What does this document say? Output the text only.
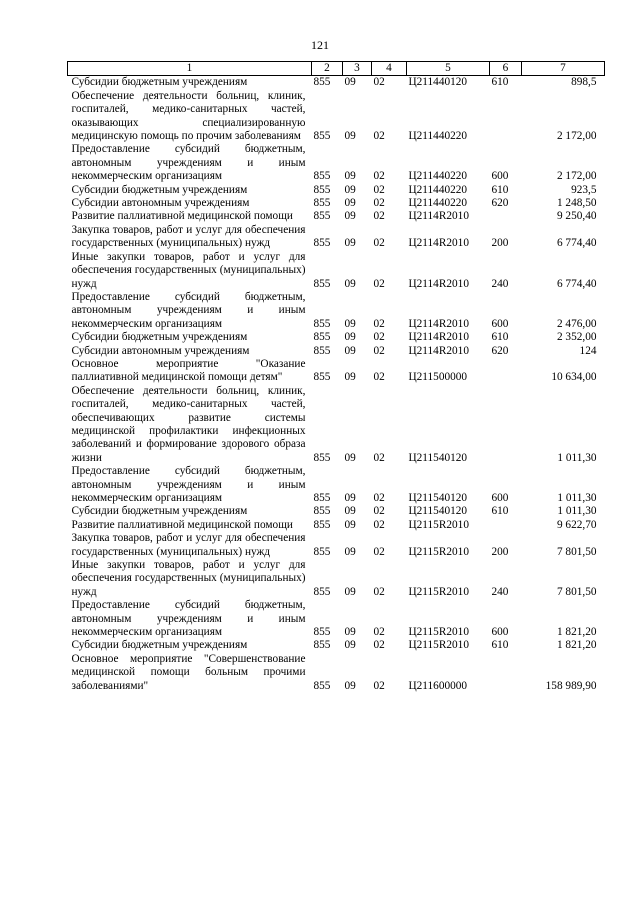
121
1	2	3	4	5	6	7
Субсидии бюджетным учреждениям	855	09	02	Ц211440120	610	898,5
Обеспечение деятельности больниц, клиник, госпиталей, медико-санитарных частей, оказывающих специализированную медицинскую помощь по прочим заболеваниям	855	09	02	Ц211440220		2 172,00
Предоставление субсидий бюджетным, автономным учреждениям и иным некоммерческим организациям	855	09	02	Ц211440220	600	2 172,00
Субсидии бюджетным учреждениям	855	09	02	Ц211440220	610	923,5
Субсидии автономным учреждениям	855	09	02	Ц211440220	620	1 248,50
Развитие паллиативной медицинской помощи	855	09	02	Ц2114R2010		9 250,40
Закупка товаров, работ и услуг для обеспечения государственных (муниципальных) нужд	855	09	02	Ц2114R2010	200	6 774,40
Иные закупки товаров, работ и услуг для обеспечения государственных (муниципальных) нужд	855	09	02	Ц2114R2010	240	6 774,40
Предоставление субсидий бюджетным, автономным учреждениям и иным некоммерческим организациям	855	09	02	Ц2114R2010	600	2 476,00
Субсидии бюджетным учреждениям	855	09	02	Ц2114R2010	610	2 352,00
Субсидии автономным учреждениям	855	09	02	Ц2114R2010	620	124
Основное мероприятие "Оказание паллиативной медицинской помощи детям"	855	09	02	Ц211500000		10 634,00
Обеспечение деятельности больниц, клиник, госпиталей, медико-санитарных частей, обеспечивающих развитие системы медицинской профилактики инфекционных заболеваний и формирование здорового образа жизни	855	09	02	Ц211540120		1 011,30
Предоставление субсидий бюджетным, автономным учреждениям и иным некоммерческим организациям	855	09	02	Ц211540120	600	1 011,30
Субсидии бюджетным учреждениям	855	09	02	Ц211540120	610	1 011,30
Развитие паллиативной медицинской помощи	855	09	02	Ц2115R2010		9 622,70
Закупка товаров, работ и услуг для обеспечения государственных (муниципальных) нужд	855	09	02	Ц2115R2010	200	7 801,50
Иные закупки товаров, работ и услуг для обеспечения государственных (муниципальных) нужд	855	09	02	Ц2115R2010	240	7 801,50
Предоставление субсидий бюджетным, автономным учреждениям и иным некоммерческим организациям	855	09	02	Ц2115R2010	600	1 821,20
Субсидии бюджетным учреждениям	855	09	02	Ц2115R2010	610	1 821,20
Основное мероприятие "Совершенствование медицинской помощи больным прочими заболеваниями"	855	09	02	Ц211600000		158 989,90
